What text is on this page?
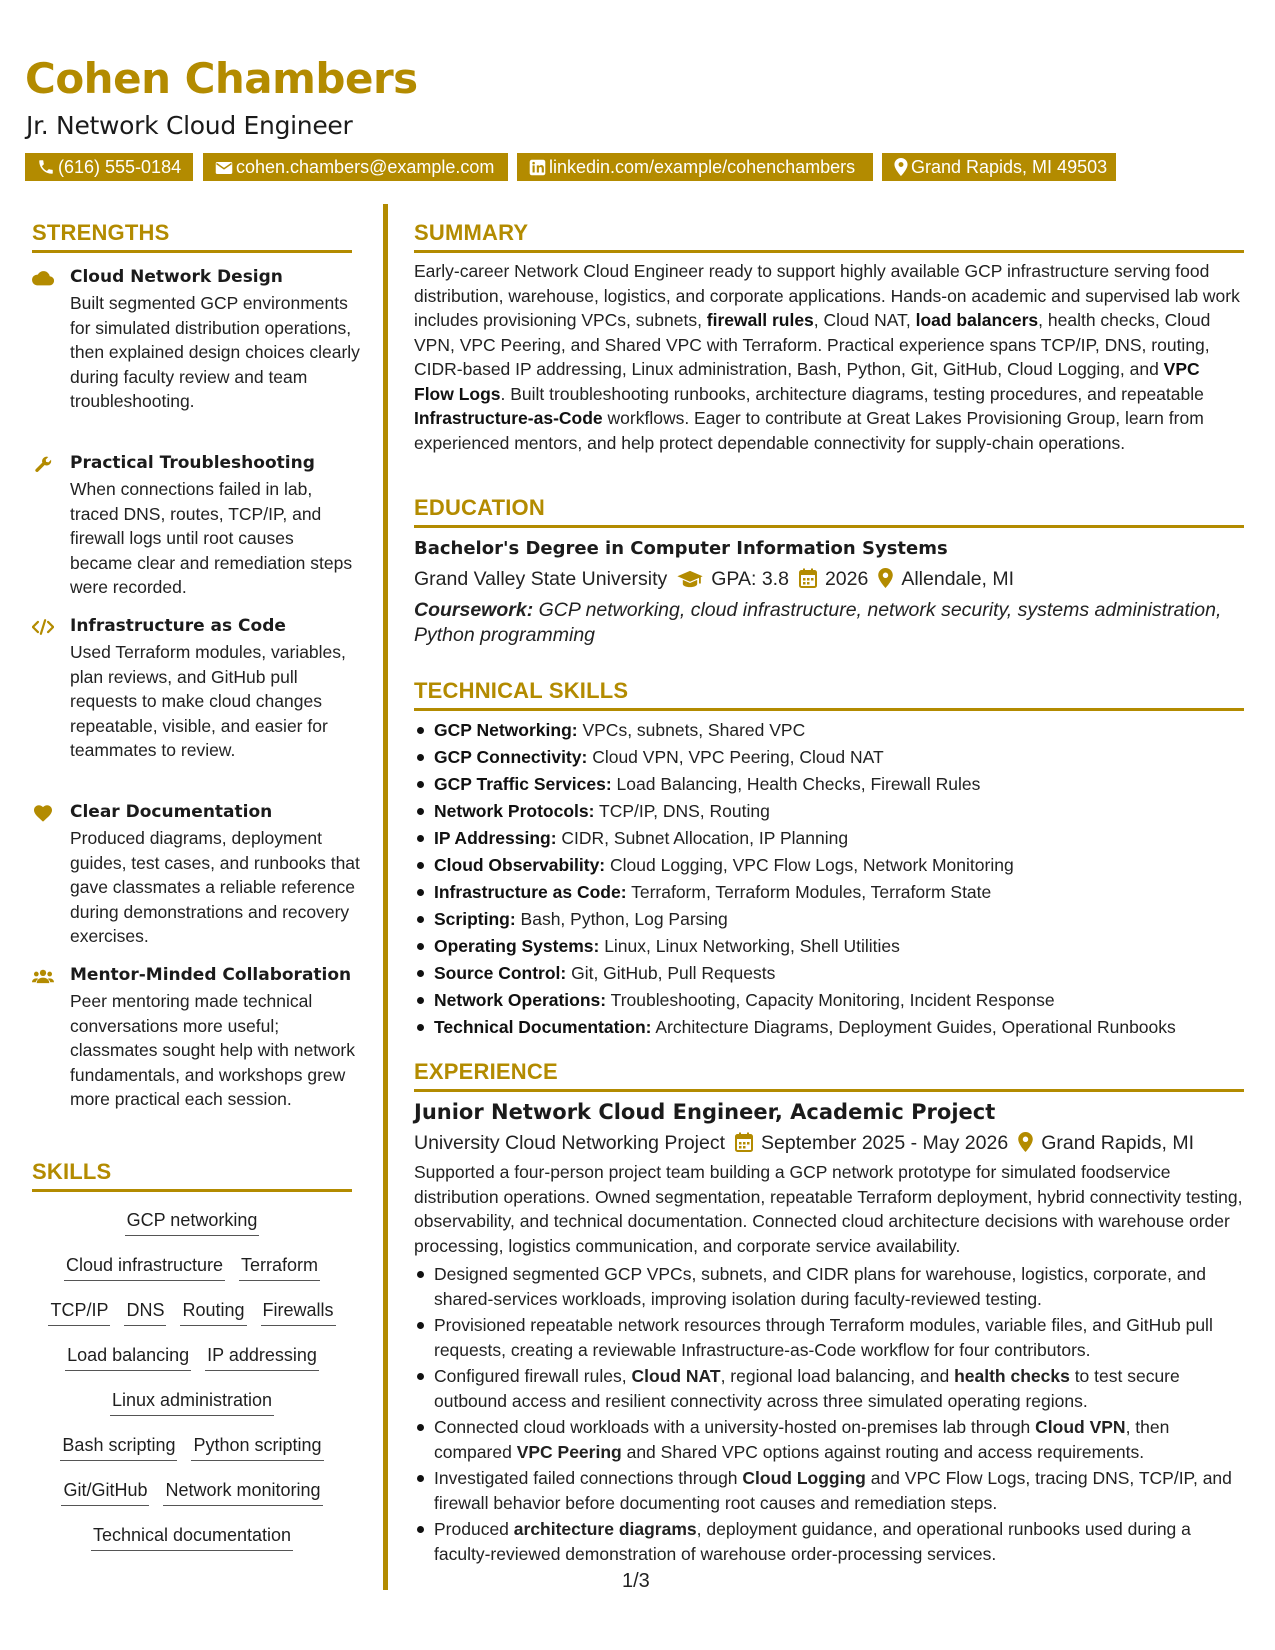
Cohen Chambers
Jr. Network Cloud Engineer
(616) 555-0184	cohen.chambers@example.com	linkedin.com/example/cohenchambers	Grand Rapids, MI 49503
STRENGTHS
Cloud Network Design
Built segmented GCP environments for simulated distribution operations, then explained design choices clearly during faculty review and team troubleshooting.
Practical Troubleshooting
When connections failed in lab, traced DNS, routes, TCP/IP, and firewall logs until root causes became clear and remediation steps were recorded.
Infrastructure as Code
Used Terraform modules, variables, plan reviews, and GitHub pull requests to make cloud changes repeatable, visible, and easier for teammates to review.
Clear Documentation
Produced diagrams, deployment guides, test cases, and runbooks that gave classmates a reliable reference during demonstrations and recovery exercises.
Mentor-Minded Collaboration
Peer mentoring made technical conversations more useful; classmates sought help with network fundamentals, and workshops grew more practical each session.
SKILLS
GCP networking
Cloud infrastructure Terraform
TCP/IP DNS Routing Firewalls
Load balancing IP addressing
Linux administration
Bash scripting Python scripting
Git/GitHub Network monitoring
Technical documentation
SUMMARY
Early-career Network Cloud Engineer ready to support highly available GCP infrastructure serving food distribution, warehouse, logistics, and corporate applications. Hands-on academic and supervised lab work includes provisioning VPCs, subnets, firewall rules, Cloud NAT, load balancers, health checks, Cloud VPN, VPC Peering, and Shared VPC with Terraform. Practical experience spans TCP/IP, DNS, routing, CIDR-based IP addressing, Linux administration, Bash, Python, Git, GitHub, Cloud Logging, and VPC Flow Logs. Built troubleshooting runbooks, architecture diagrams, testing procedures, and repeatable Infrastructure-as-Code workflows. Eager to contribute at Great Lakes Provisioning Group, learn from experienced mentors, and help protect dependable connectivity for supply-chain operations.
EDUCATION
Bachelor's Degree in Computer Information Systems
Grand Valley State University GPA: 3.8 2026 Allendale, MI
Coursework: GCP networking, cloud infrastructure, network security, systems administration, Python programming
TECHNICAL SKILLS
GCP Networking: VPCs, subnets, Shared VPC
GCP Connectivity: Cloud VPN, VPC Peering, Cloud NAT
GCP Traffic Services: Load Balancing, Health Checks, Firewall Rules
Network Protocols: TCP/IP, DNS, Routing
IP Addressing: CIDR, Subnet Allocation, IP Planning
Cloud Observability: Cloud Logging, VPC Flow Logs, Network Monitoring
Infrastructure as Code: Terraform, Terraform Modules, Terraform State
Scripting: Bash, Python, Log Parsing
Operating Systems: Linux, Linux Networking, Shell Utilities
Source Control: Git, GitHub, Pull Requests
Network Operations: Troubleshooting, Capacity Monitoring, Incident Response
Technical Documentation: Architecture Diagrams, Deployment Guides, Operational Runbooks
EXPERIENCE
Junior Network Cloud Engineer, Academic Project
University Cloud Networking Project September 2025 - May 2026 Grand Rapids, MI
Supported a four-person project team building a GCP network prototype for simulated foodservice distribution operations. Owned segmentation, repeatable Terraform deployment, hybrid connectivity testing, observability, and technical documentation. Connected cloud architecture decisions with warehouse order processing, logistics communication, and corporate service availability.
Designed segmented GCP VPCs, subnets, and CIDR plans for warehouse, logistics, corporate, and shared-services workloads, improving isolation during faculty-reviewed testing.
Provisioned repeatable network resources through Terraform modules, variable files, and GitHub pull requests, creating a reviewable Infrastructure-as-Code workflow for four contributors.
Configured firewall rules, Cloud NAT, regional load balancing, and health checks to test secure outbound access and resilient connectivity across three simulated operating regions.
Connected cloud workloads with a university-hosted on-premises lab through Cloud VPN, then compared VPC Peering and Shared VPC options against routing and access requirements.
Investigated failed connections through Cloud Logging and VPC Flow Logs, tracing DNS, TCP/IP, and firewall behavior before documenting root causes and remediation steps.
Produced architecture diagrams, deployment guidance, and operational runbooks used during a faculty-reviewed demonstration of warehouse order-processing services.
1/3
